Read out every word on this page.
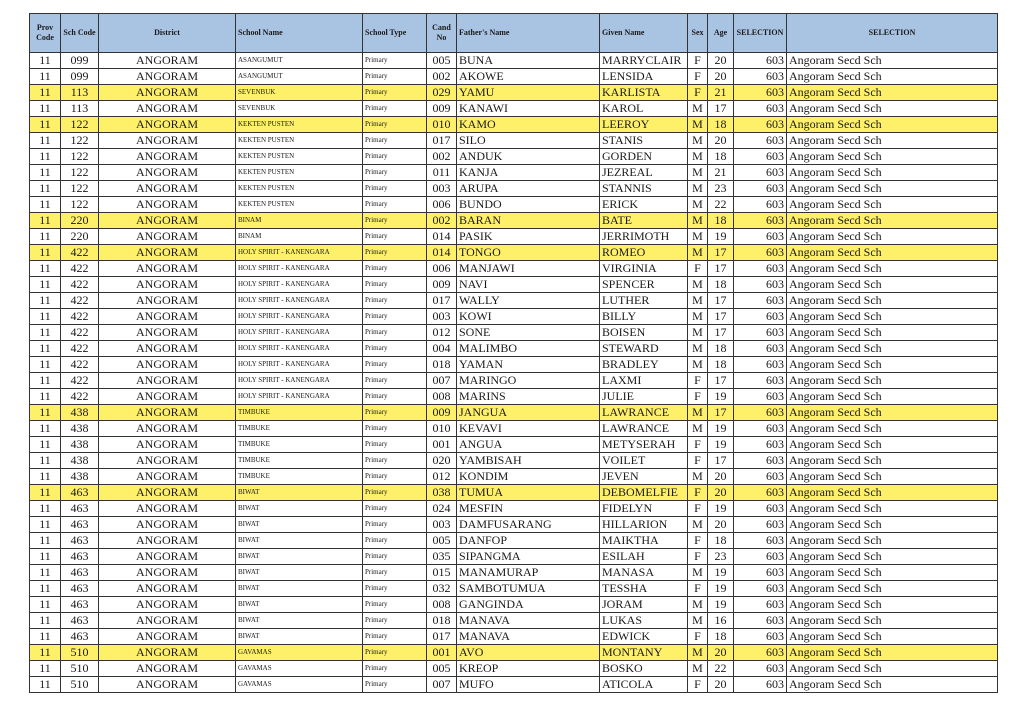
Prov Code	Sch Code	District	School Name	School Type	Cand No	Father's Name	Given Name	Sex	Age	SELECTION	SELECTION
11	099	ANGORAM	ASANGUMUT	Primary	005	BUNA	MARRYCLAIR	F	20	603	Angoram Secd Sch
11	099	ANGORAM	ASANGUMUT	Primary	002	AKOWE	LENSIDA	F	20	603	Angoram Secd Sch
11	113	ANGORAM	SEVENBUK	Primary	029	YAMU	KARLISTA	F	21	603	Angoram Secd Sch
11	113	ANGORAM	SEVENBUK	Primary	009	KANAWI	KAROL	M	17	603	Angoram Secd Sch
11	122	ANGORAM	KEKTEN PUSTEN	Primary	010	KAMO	LEEROY	M	18	603	Angoram Secd Sch
11	122	ANGORAM	KEKTEN PUSTEN	Primary	017	SILO	STANIS	M	20	603	Angoram Secd Sch
11	122	ANGORAM	KEKTEN PUSTEN	Primary	002	ANDUK	GORDEN	M	18	603	Angoram Secd Sch
11	122	ANGORAM	KEKTEN PUSTEN	Primary	011	KANJA	JEZREAL	M	21	603	Angoram Secd Sch
11	122	ANGORAM	KEKTEN PUSTEN	Primary	003	ARUPA	STANNIS	M	23	603	Angoram Secd Sch
11	122	ANGORAM	KEKTEN PUSTEN	Primary	006	BUNDO	ERICK	M	22	603	Angoram Secd Sch
11	220	ANGORAM	BINAM	Primary	002	BARAN	BATE	M	18	603	Angoram Secd Sch
11	220	ANGORAM	BINAM	Primary	014	PASIK	JERRIMOTH	M	19	603	Angoram Secd Sch
11	422	ANGORAM	HOLY SPIRIT - KANENGARA	Primary	014	TONGO	ROMEO	M	17	603	Angoram Secd Sch
11	422	ANGORAM	HOLY SPIRIT - KANENGARA	Primary	006	MANJAWI	VIRGINIA	F	17	603	Angoram Secd Sch
11	422	ANGORAM	HOLY SPIRIT - KANENGARA	Primary	009	NAVI	SPENCER	M	18	603	Angoram Secd Sch
11	422	ANGORAM	HOLY SPIRIT - KANENGARA	Primary	017	WALLY	LUTHER	M	17	603	Angoram Secd Sch
11	422	ANGORAM	HOLY SPIRIT - KANENGARA	Primary	003	KOWI	BILLY	M	17	603	Angoram Secd Sch
11	422	ANGORAM	HOLY SPIRIT - KANENGARA	Primary	012	SONE	BOISEN	M	17	603	Angoram Secd Sch
11	422	ANGORAM	HOLY SPIRIT - KANENGARA	Primary	004	MALIMBO	STEWARD	M	18	603	Angoram Secd Sch
11	422	ANGORAM	HOLY SPIRIT - KANENGARA	Primary	018	YAMAN	BRADLEY	M	18	603	Angoram Secd Sch
11	422	ANGORAM	HOLY SPIRIT - KANENGARA	Primary	007	MARINGO	LAXMI	F	17	603	Angoram Secd Sch
11	422	ANGORAM	HOLY SPIRIT - KANENGARA	Primary	008	MARINS	JULIE	F	19	603	Angoram Secd Sch
11	438	ANGORAM	TIMBUKE	Primary	009	JANGUA	LAWRANCE	M	17	603	Angoram Secd Sch
11	438	ANGORAM	TIMBUKE	Primary	010	KEVAVI	LAWRANCE	M	19	603	Angoram Secd Sch
11	438	ANGORAM	TIMBUKE	Primary	001	ANGUA	METYSERAH	F	19	603	Angoram Secd Sch
11	438	ANGORAM	TIMBUKE	Primary	020	YAMBISAH	VOILET	F	17	603	Angoram Secd Sch
11	438	ANGORAM	TIMBUKE	Primary	012	KONDIM	JEVEN	M	20	603	Angoram Secd Sch
11	463	ANGORAM	BIWAT	Primary	038	TUMUA	DEBOMELFIE	F	20	603	Angoram Secd Sch
11	463	ANGORAM	BIWAT	Primary	024	MESFIN	FIDELYN	F	19	603	Angoram Secd Sch
11	463	ANGORAM	BIWAT	Primary	003	DAMFUSARANG	HILLARION	M	20	603	Angoram Secd Sch
11	463	ANGORAM	BIWAT	Primary	005	DANFOP	MAIKTHA	F	18	603	Angoram Secd Sch
11	463	ANGORAM	BIWAT	Primary	035	SIPANGMA	ESILAH	F	23	603	Angoram Secd Sch
11	463	ANGORAM	BIWAT	Primary	015	MANAMURAP	MANASA	M	19	603	Angoram Secd Sch
11	463	ANGORAM	BIWAT	Primary	032	SAMBOTUMUA	TESSHA	F	19	603	Angoram Secd Sch
11	463	ANGORAM	BIWAT	Primary	008	GANGINDA	JORAM	M	19	603	Angoram Secd Sch
11	463	ANGORAM	BIWAT	Primary	018	MANAVA	LUKAS	M	16	603	Angoram Secd Sch
11	463	ANGORAM	BIWAT	Primary	017	MANAVA	EDWICK	F	18	603	Angoram Secd Sch
11	510	ANGORAM	GAVAMAS	Primary	001	AVO	MONTANY	M	20	603	Angoram Secd Sch
11	510	ANGORAM	GAVAMAS	Primary	005	KREOP	BOSKO	M	22	603	Angoram Secd Sch
11	510	ANGORAM	GAVAMAS	Primary	007	MUFO	ATICOLA	F	20	603	Angoram Secd Sch
